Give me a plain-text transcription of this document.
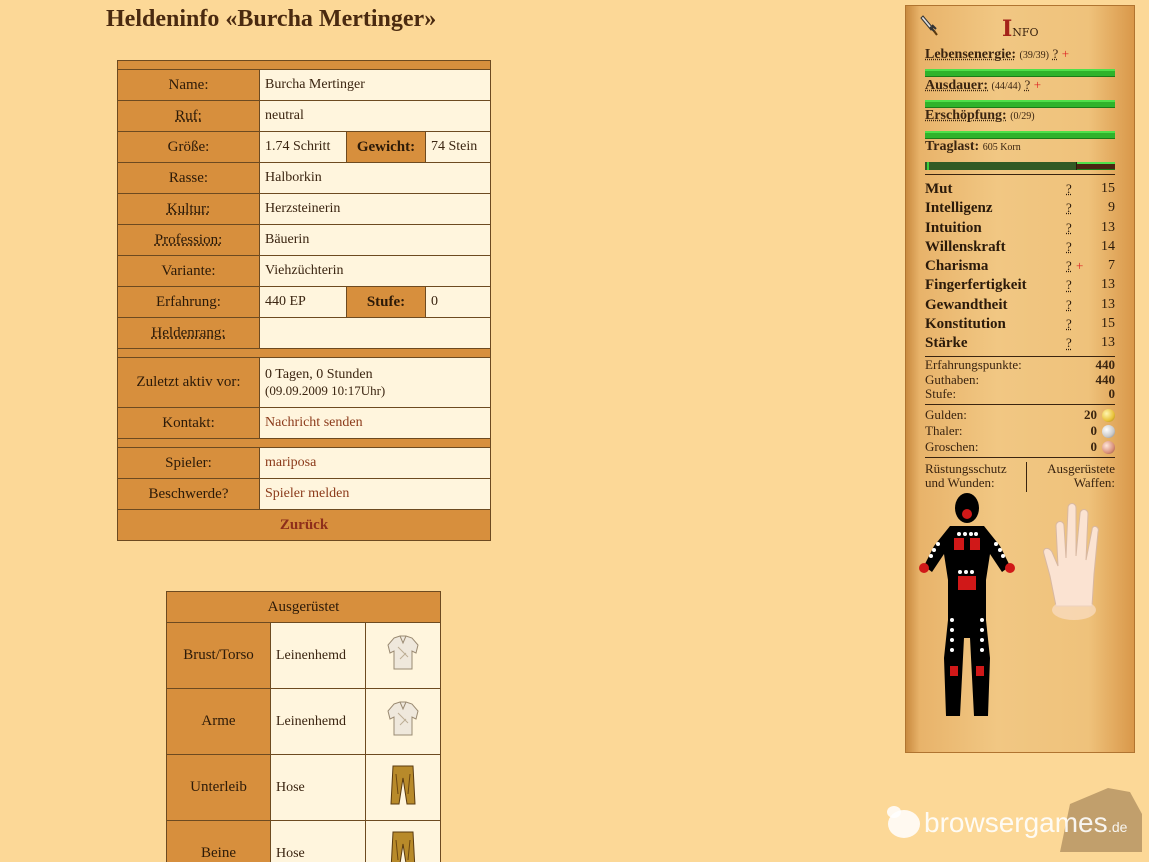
Heldeninfo «Burcha Mertinger»

Name:	Burcha Mertinger		
Ruf:	neutral		
Größe:	1.74 Schritt	Gewicht:	74 Stein
Rasse:	Halborkin		
Kultur:	Herzsteinerin		
Profession:	Bäuerin		
Variante:	Viehzüchterin		
Erfahrung:	440 EP	Stufe:	0
Heldenrang:			

Zuletzt aktiv vor:	0 Tagen, 0 Stunden
(09.09.2009 10:17Uhr)		

Kontakt:	Nachricht senden		

Spieler:	mariposa		
Beschwerde?	Spieler melden		
Zurück			
Ausgerüstet		
Brust/Torso	Leinenhemd	
Arme	Leinenhemd	
Unterleib	Hose	
Beine	Hose	
Info
Lebensenergie: (39/39) ? +
Ausdauer: (44/44) ? +
Erschöpfung: (0/29)
Traglast: 605 Korn
Mut	? 15
Intelligenz	?	9
Intuition	? 13
Willenskraft	? 14
Charisma	? + 7
Fingerfertigkeit	? 13
Gewandtheit	? 13
Konstitution	? 15
Stärke	? 13
Erfahrungspunkte:	440
Guthaben:	440
Stufe:	0
Gulden:	20
Thaler:	0
Groschen:	0
Rüstungsschutz
und Wunden:
Ausgerüstete
Waffen:
browsergames .de
